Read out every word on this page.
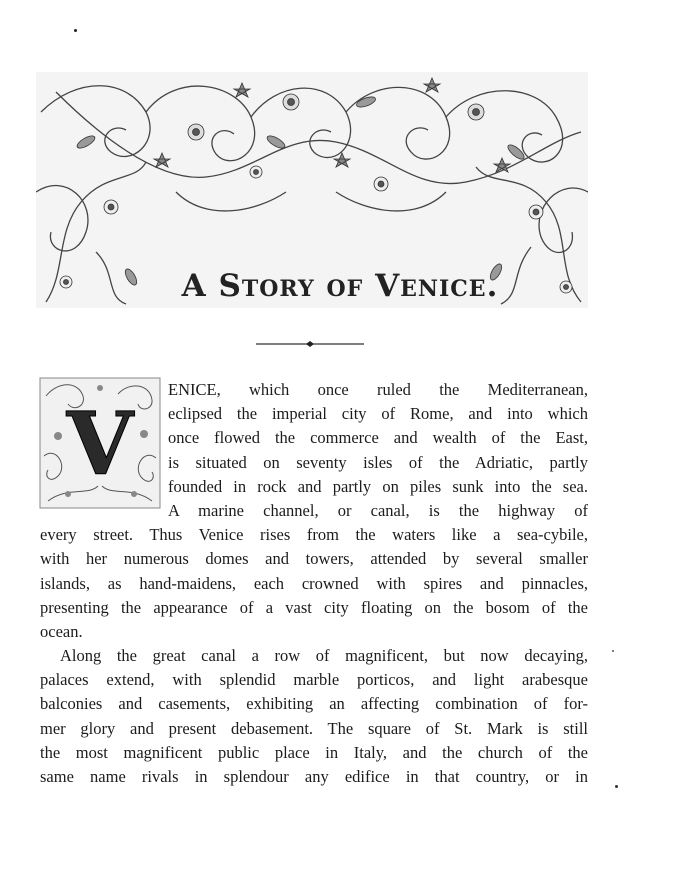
A Story of Venice.
V
ENICE, which once ruled the Mediterranean,
eclipsed the imperial city of Rome, and into which
once flowed the commerce and wealth of the East,
is situated on seventy isles of the Adriatic, partly
founded in rock and partly on piles sunk into the sea.
A marine channel, or canal, is the highway of
every street. Thus Venice rises from the waters like a sea-cybile,
with her numerous domes and towers, attended by several smaller
islands, as hand-maidens, each crowned with spires and pinnacles,
presenting the appearance of a vast city floating on the bosom of the
ocean.
Along the great canal a row of magnificent, but now decaying,
palaces extend, with splendid marble porticos, and light arabesque
balconies and casements, exhibiting an affecting combination of for-
mer glory and present debasement. The square of St. Mark is still
the most magnificent public place in Italy, and the church of the
same name rivals in splendour any edifice in that country, or in
